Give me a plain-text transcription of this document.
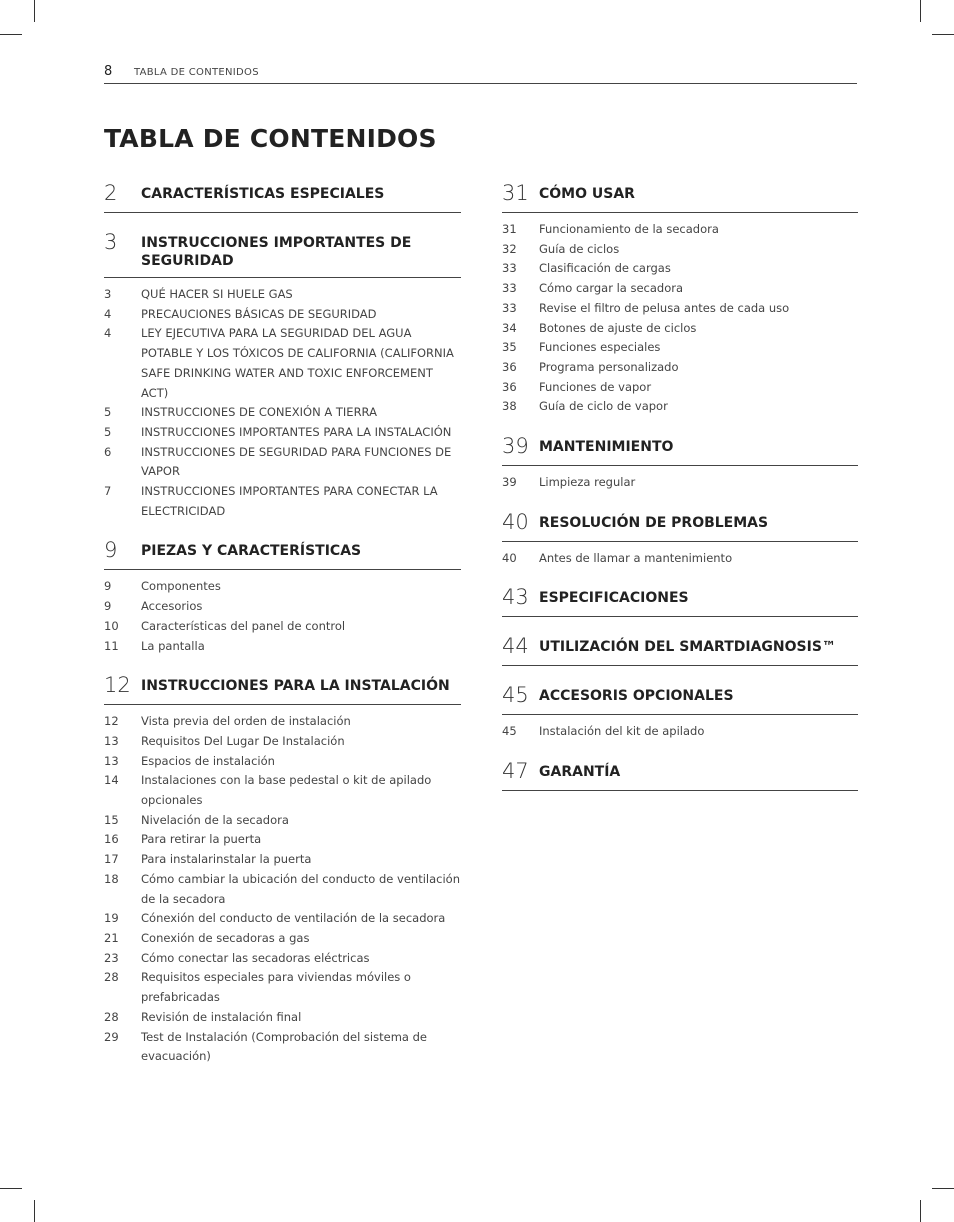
8 TABLA DE CONTENIDOS
TABLA DE CONTENIDOS
2	CARACTERÍSTICAS ESPECIALES
3	INSTRUCCIONES IMPORTANTES DE SEGURIDAD
3	QUÉ HACER SI HUELE GAS
4	PRECAUCIONES BÁSICAS DE SEGURIDAD
4	LEY EJECUTIVA PARA LA SEGURIDAD DEL AGUA POTABLE Y LOS TÓXICOS DE CALIFORNIA (CALIFORNIA SAFE DRINKING WATER AND TOXIC ENFORCEMENT ACT)
5	INSTRUCCIONES DE CONEXIÓN A TIERRA
5	INSTRUCCIONES IMPORTANTES PARA LA INSTALACIÓN
6	INSTRUCCIONES DE SEGURIDAD PARA FUNCIONES DE VAPOR
7	INSTRUCCIONES IMPORTANTES PARA CONECTAR LA ELECTRICIDAD
9	PIEZAS Y CARACTERÍSTICAS
9	Componentes
9	Accesorios
10	Características del panel de control
11	La pantalla
12 INSTRUCCIONES PARA LA INSTALACIÓN
12	Vista previa del orden de instalación
13	Requisitos Del Lugar De Instalación
13	Espacios de instalación
14	Instalaciones con la base pedestal o kit de apilado opcionales
15	Nivelación de la secadora
16	Para retirar la puerta
17	Para instalarinstalar la puerta
18	Cómo cambiar la ubicación del conducto de ventilación de la secadora
19	Cónexión del conducto de ventilación de la secadora
21	Conexión de secadoras a gas
23	Cómo conectar las secadoras eléctricas
28	Requisitos especiales para viviendas móviles o prefabricadas
28	Revisión de instalación final
29	Test de Instalación (Comprobación del sistema de evacuación)
31 CÓMO USAR
31	Funcionamiento de la secadora
32	Guía de ciclos
33	Clasificación de cargas
33	Cómo cargar la secadora
33	Revise el filtro de pelusa antes de cada uso
34	Botones de ajuste de ciclos
35	Funciones especiales
36	Programa personalizado
36	Funciones de vapor
38	Guía de ciclo de vapor
39 MANTENIMIENTO
39	Limpieza regular
40 RESOLUCIÓN DE PROBLEMAS
40	Antes de llamar a mantenimiento
43 ESPECIFICACIONES
44 UTILIZACIÓN DEL SMARTDIAGNOSIS™
45 ACCESORIS OPCIONALES
45	Instalación del kit de apilado
47 GARANTÍA
